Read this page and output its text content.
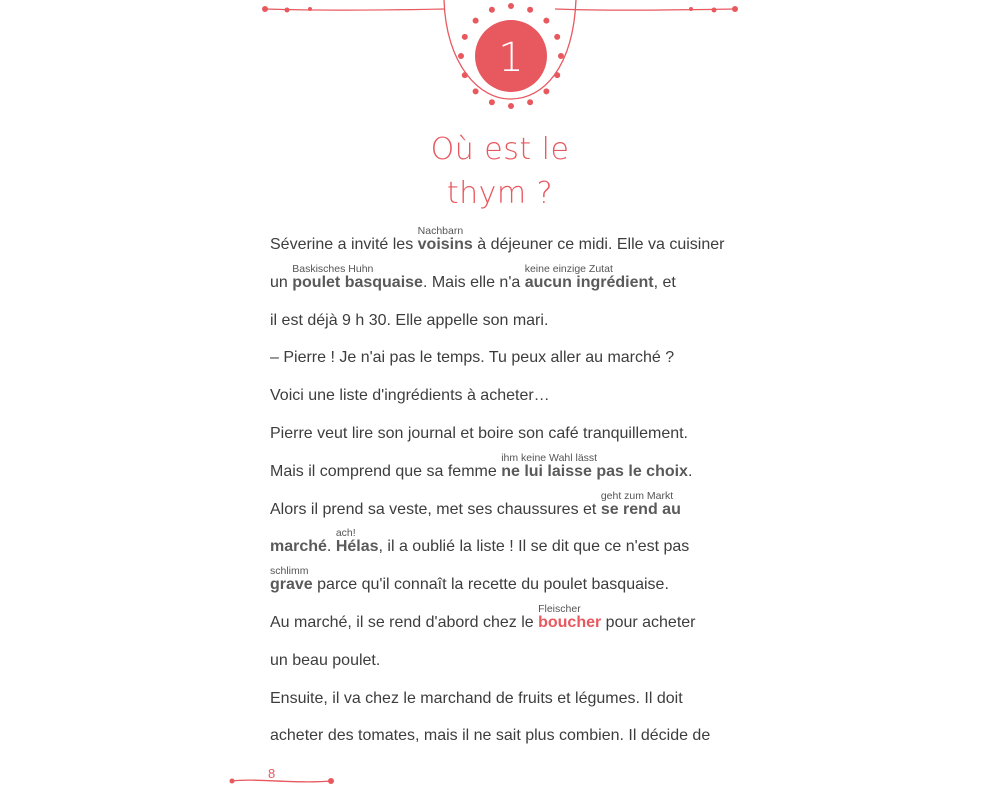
1
Où est le
thym ?
Séverine a invité les voisins
Nachbarn
à déjeuner ce midi. Elle va cuisiner
un poulet basquaise
Baskisches Huhn
. Mais elle n'a aucun ingrédient
keine einzige Zutat
, et
il est déjà 9 h 30. Elle appelle son mari.
– Pierre ! Je n'ai pas le temps. Tu peux aller au marché ?
Voici une liste d'ingrédients à acheter…
Pierre veut lire son journal et boire son café tranquillement.
Mais il comprend que sa femme ne lui laisse pas le choix
ihm keine Wahl lässt
.
Alors il prend sa veste, met ses chaussures et se rend au
geht zum Markt
marché. Hélas
ach!
, il a oublié la liste ! Il se dit que ce n'est pas
grave
schlimm
parce qu'il connaît la recette du poulet basquaise.
Au marché, il se rend d'abord chez le boucher
Fleischer
pour acheter
un beau poulet.
Ensuite, il va chez le marchand de fruits et légumes. Il doit
acheter des tomates, mais il ne sait plus combien. Il décide de
8
